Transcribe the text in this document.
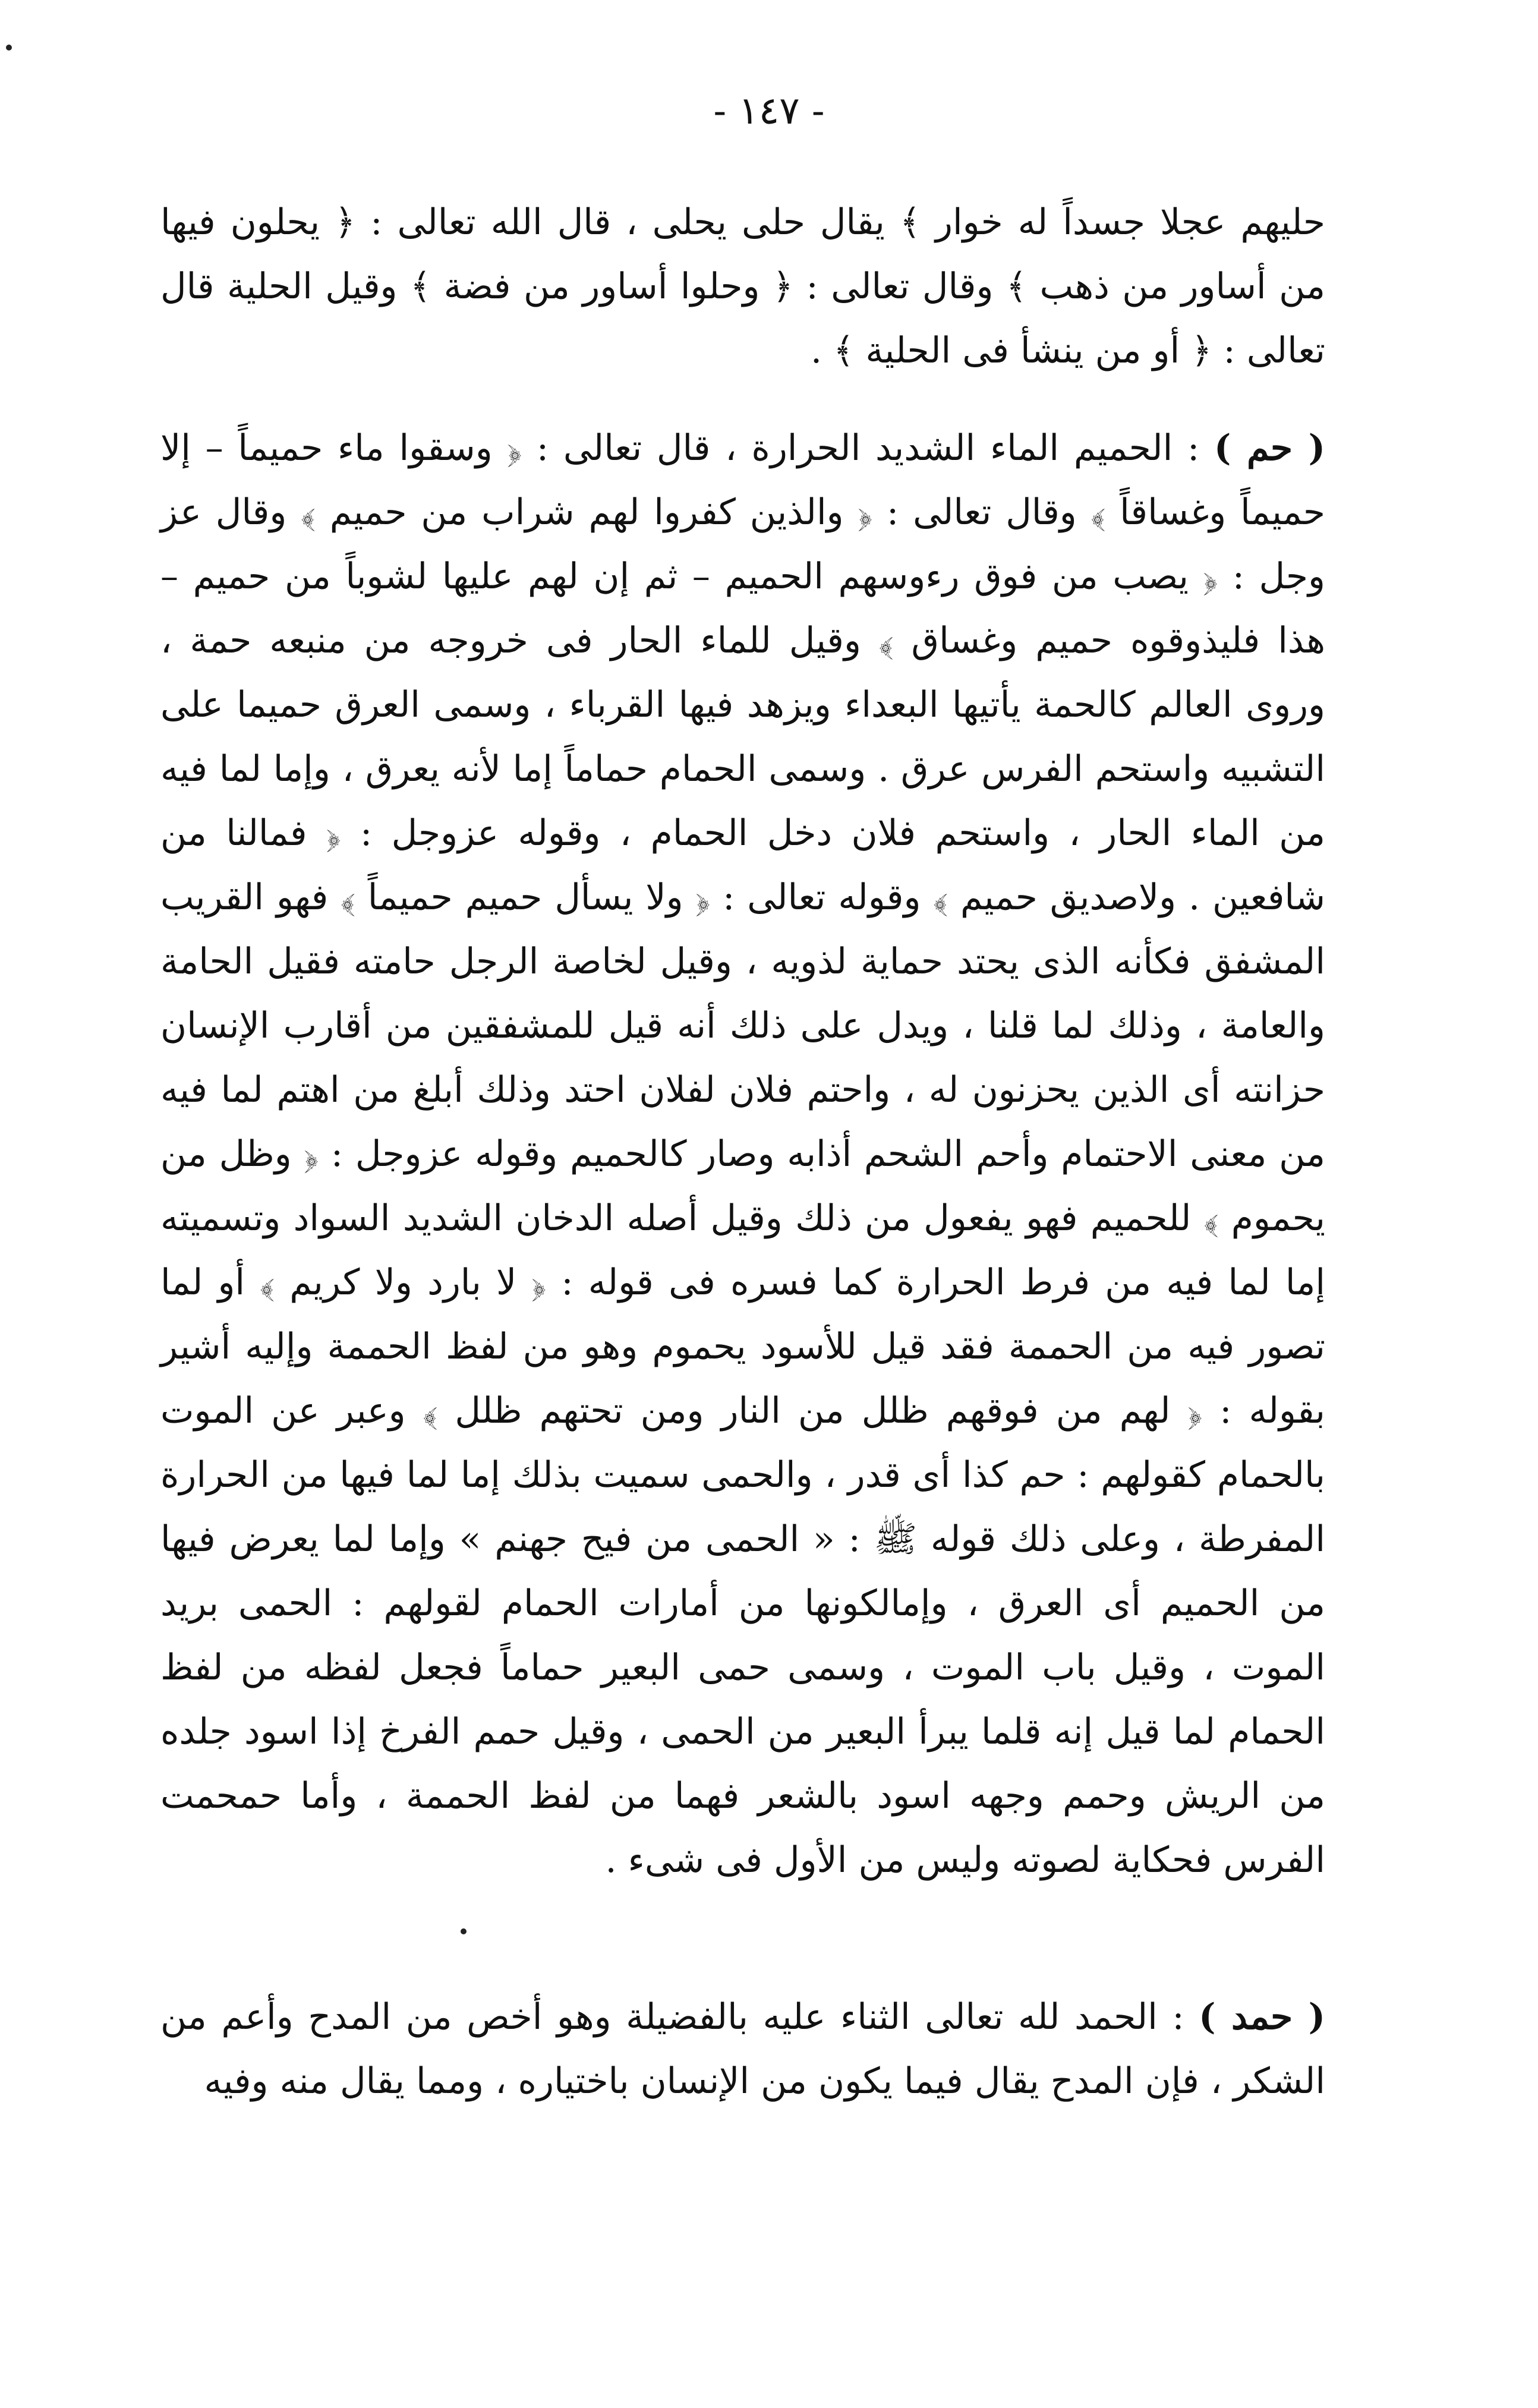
- ١٤٧ -

حليهم عجلا جسداً له خوار ﴾ يقال حلى يحلى ، قال الله تعالى : ﴿ يحلون فيها من أساور من ذهب ﴾ وقال تعالى : ﴿ وحلوا أساور من فضة ﴾ وقيل الحلية قال تعالى : ﴿ أو من ينشأ فى الحلية ﴾ .

( حم ) : الحميم الماء الشديد الحرارة ، قال تعالى : ﴿ وسقوا ماء حميماً – إلا حميماً وغساقاً ﴾ وقال تعالى : ﴿ والذين كفروا لهم شراب من حميم ﴾ وقال عز وجل : ﴿ يصب من فوق رءوسهم الحميم – ثم إن لهم عليها لشوباً من حميم – هذا فليذوقوه حميم وغساق ﴾ وقيل للماء الحار فى خروجه من منبعه حمة ، وروى العالم كالحمة يأتيها البعداء ويزهد فيها القرباء ، وسمى العرق حميما على التشبيه واستحم الفرس عرق . وسمى الحمام حماماً إما لأنه يعرق ، وإما لما فيه من الماء الحار ، واستحم فلان دخل الحمام ، وقوله عزوجل : ﴿ فمالنا من شافعين . ولاصديق حميم ﴾ وقوله تعالى : ﴿ ولا يسأل حميم حميماً ﴾ فهو القريب المشفق فكأنه الذى يحتد حماية لذويه ، وقيل لخاصة الرجل حامته فقيل الحامة والعامة ، وذلك لما قلنا ، ويدل على ذلك أنه قيل للمشفقين من أقارب الإنسان حزانته أى الذين يحزنون له ، واحتم فلان لفلان احتد وذلك أبلغ من اهتم لما فيه من معنى الاحتمام وأحم الشحم أذابه وصار كالحميم وقوله عزوجل : ﴿ وظل من يحموم ﴾ للحميم فهو يفعول من ذلك وقيل أصله الدخان الشديد السواد وتسميته إما لما فيه من فرط الحرارة كما فسره فى قوله : ﴿ لا بارد ولا كريم ﴾ أو لما تصور فيه من الحممة فقد قيل للأسود يحموم وهو من لفظ الحممة وإليه أشير بقوله : ﴿ لهم من فوقهم ظلل من النار ومن تحتهم ظلل ﴾ وعبر عن الموت بالحمام كقولهم : حم كذا أى قدر ، والحمى سميت بذلك إما لما فيها من الحرارة المفرطة ، وعلى ذلك قوله ﷺ : « الحمى من فيح جهنم » وإما لما يعرض فيها من الحميم أى العرق ، وإمالكونها من أمارات الحمام لقولهم : الحمى بريد الموت ، وقيل باب الموت ، وسمى حمى البعير حماماً فجعل لفظه من لفظ الحمام لما قيل إنه قلما يبرأ البعير من الحمى ، وقيل حمم الفرخ إذا اسود جلده من الريش وحمم وجهه اسود بالشعر فهما من لفظ الحممة ، وأما حمحمت الفرس فحكاية لصوته وليس من الأول فى شىء .

( حمد ) : الحمد لله تعالى الثناء عليه بالفضيلة وهو أخص من المدح وأعم من الشكر ، فإن المدح يقال فيما يكون من الإنسان باختياره ، ومما يقال منه وفيه
